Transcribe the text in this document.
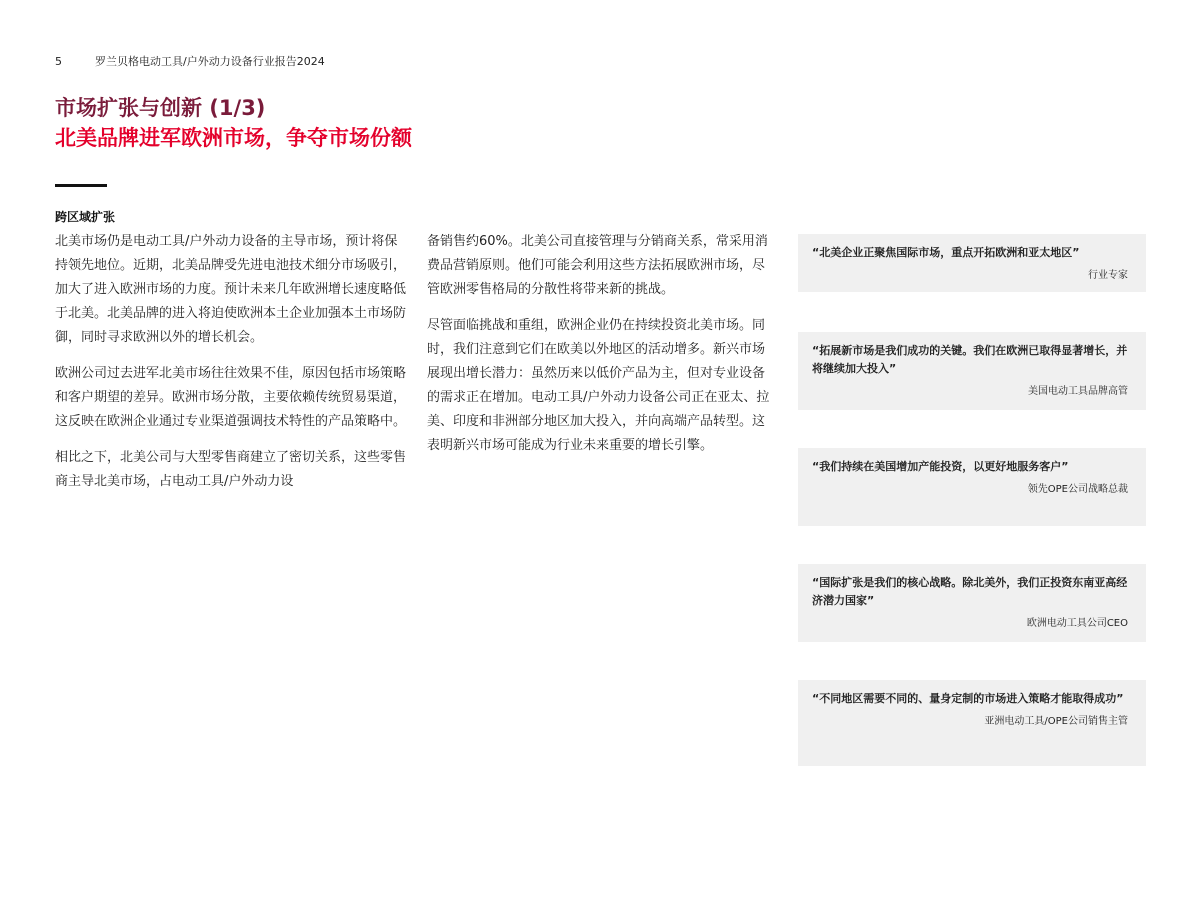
5	罗兰贝格电动工具/户外动力设备行业报告2024
市场扩张与创新 (1/3)
北美品牌进军欧洲市场，争夺市场份额
跨区域扩张

北美市场仍是电动工具/户外动力设备的主导市场，预计将保持领先地位。近期，北美品牌受先进电池技术细分市场吸引，加大了进入欧洲市场的力度。预计未来几年欧洲增长速度略低于北美。北美品牌的进入将迫使欧洲本土企业加强本土市场防御，同时寻求欧洲以外的增长机会。

欧洲公司过去进军北美市场往往效果不佳，原因包括市场策略和客户期望的差异。欧洲市场分散，主要依赖传统贸易渠道，这反映在欧洲企业通过专业渠道强调技术特性的产品策略中。

相比之下，北美公司与大型零售商建立了密切关系，这些零售商主导北美市场，占电动工具/户外动力设

备销售约60%。北美公司直接管理与分销商关系，常采用消费品营销原则。他们可能会利用这些方法拓展欧洲市场，尽管欧洲零售格局的分散性将带来新的挑战。

尽管面临挑战和重组，欧洲企业仍在持续投资北美市场。同时，我们注意到它们在欧美以外地区的活动增多。新兴市场展现出增长潜力：虽然历来以低价产品为主，但对专业设备的需求正在增加。电动工具/户外动力设备公司正在亚太、拉美、印度和非洲部分地区加大投入，并向高端产品转型。这表明新兴市场可能成为行业未来重要的增长引擎。

“北美企业正聚焦国际市场，重点开拓欧洲和亚太地区”
行业专家
“拓展新市场是我们成功的关键。我们在欧洲已取得显著增长，并将继续加大投入”
美国电动工具品牌高管
“我们持续在美国增加产能投资，以更好地服务客户”
领先OPE公司战略总裁
“国际扩张是我们的核心战略。除北美外，我们正投资东南亚高经济潜力国家”
欧洲电动工具公司CEO
“不同地区需要不同的、量身定制的市场进入策略才能取得成功”
亚洲电动工具/OPE公司销售主管
